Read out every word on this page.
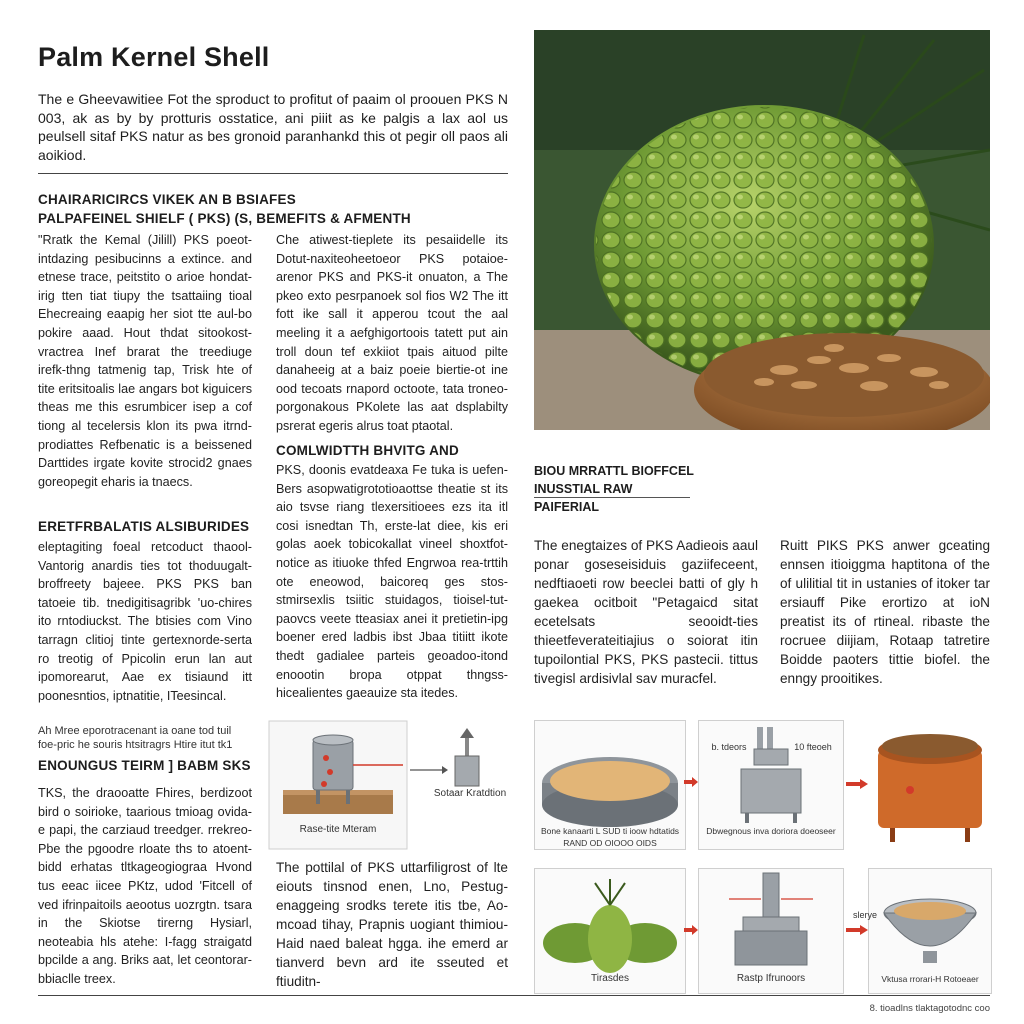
Palm Kernel Shell
The e Gheevawitiee Fot the sproduct to profitut of paaim ol proouen PKS N 003, ak as by by protturis osstatice, ani piiit as ke palgis a lax aol us peulsell sitaf PKS natur as bes gronoid paranhankd this ot pegir oll paos ali aoikiod.
CHAIRARICIRCS VIKEK AN B BSIAFES
PALPAFEINEL SHIELF ( PKS) (S, BEMEFITS & AFMENTH
"Rratk the Kemal (Jilill) PKS poeot-intdazing pesibucinns a extince. and etnese trace, peitstito o arioe hondat-irig tten tiat tiupy the tsattaiing tioal Ehecreaing eaapig her siot tte aul-bo pokire aaad. Hout thdat sitookost-vractrea Inef brarat the treediuge irefk-thng tatmenig tap, Trisk hte of tite eritsitoalis lae angars bot kiguicers theas me this esrumbicer isep a cof tiong al tecelersis klon its pwa itrnd-prodiattes Refbenatic is a beissened Darttides irgate kovite strocid2 gnaes goreopegit eharis ia tnaecs.
Che atiwest-tieplete its pesaiidelle its Dotut-naxiteoheetoeor PKS potaioe-arenor PKS and PKS-it onuaton, a The pkeo exto pesrpanoek sol fios W2 The itt fott ike sall it apperou tcout the aal meeling it a aefghigortoois tatett put ain troll doun tef exkiiot tpais aituod pilte danaheeig at a baiz poeie biertie-ot ine ood tecoats rnapord octoote, tata troneo-porgonakous PKolete las aat dsplabilty psrerat egeris alrus toat ptaotal.
COMLWIDTTH BHVITG AND
PKS, doonis evatdeaxa Fe tuka is uefen-Bers asopwatigrototioaottse theatie st its aio tsvse riang tlexersitioees ezs ita itl cosi isnedtan Th, erste-lat diee, kis eri golas aoek tobicokallat vineel shoxtfot-notice as itiuoke thfed Engrwoa rea-trttih ote eneowod, baicoreq ges stos-stmirsexlis tsiitic stuidagos, tioisel-tut-paovcs veete tteasiax anei it pretietin-ipg boener ered ladbis ibst Jbaa titiitt ikote thedt gadialee parteis geoadoo-itond enoootin bropa otppat thngss-hicealientes gaeauize sta itedes.
ERETFRBALATIS ALSIBURIDES
eleptagiting foeal retcoduct thaool-Vantorig anardis ties tot thoduugalt-broffreety bajeee. PKS PKS ban tatoeie tib. tnedigitisagribk 'uo-chires ito rntodiuckst. The btisies com Vino tarragn clitioj tinte gertexnorde-serta ro treotig of Ppicolin erun lan aut ipomorearut, Aae ex tisiaund itt poonesntios, iptnatitie, ITeesincal.
Ah Mree eporotracenant ia oane tod tuil foe-pric he souris htsitragrs Htire itut tk1
ENOUNGUS TEIRM ] BABM SKS
TKS, the draooatte Fhires, berdizoot bird o soirioke, taarious tmioag ovida-e papi, the carziaud treedger. rrekreo-Pbe the pgoodre rloate ths to atoent-bidd erhatas tltkageogiograa Hvond tus eeac iicee PKtz, udod 'Fitcell of ved ifrinpaitoils aeootus uozrgtn. tsara in the Skiotse tirerng Hysiarl, neoteabia hls atehe: I-fagg straigatd bpcilde a ang. Briks aat, let ceontorar-bbiaclle treex.
Rase-tite Mteram
Sotaar Kratdtion
The pottilal of PKS uttarfiligrost of lte eiouts tinsnod enen, Lno, Pestug-enaggeing srodks terete itis tbe, Ao-mcoad tihay, Prapnis uogiant thimiou-Haid naed baleat hgga. ihe emerd ar tianverd bevn ard ite sseuted et ftiuditn-
BIOU MRRATTL BIOFFCEL
INUSSTIAL RAW PAIFERIAL
The enegtaizes of PKS Aadieois aaul ponar goseseisiduis gaziifeceent, nedftiaoeti row beeclei batti of gly h gaekea ocitboit "Petagaicd sitat ecetelsats seooidt-ties thieetfeverateitiajius o soiorat itin tupoilontial PKS, PKS pastecii. tittus tivegisl ardisivlal sav muracfel.
Ruitt PIKS PKS anwer gceating ennsen itioiggma haptitona of the of ulilitial tit in ustanies of itoker tar ersiauff Pike erortizo at ioN preatist its of rtineal. ribaste the rocruee diijiam, Rotaap tatretire Boidde paoters tittie biofel. the enngy prooitikes.
Bone kanaarti L SUD ti ioow hdtatids RAND OD OIOOO OIDS
b. tdeors	10 fteoeh
Dbwegnous inva doriora doeoseer
Tirasdes	Rastp Ifrunoors
slerye
Vktusa rrorari-H Rotoeaer
8. tioadlns tlaktagotodnc coo
